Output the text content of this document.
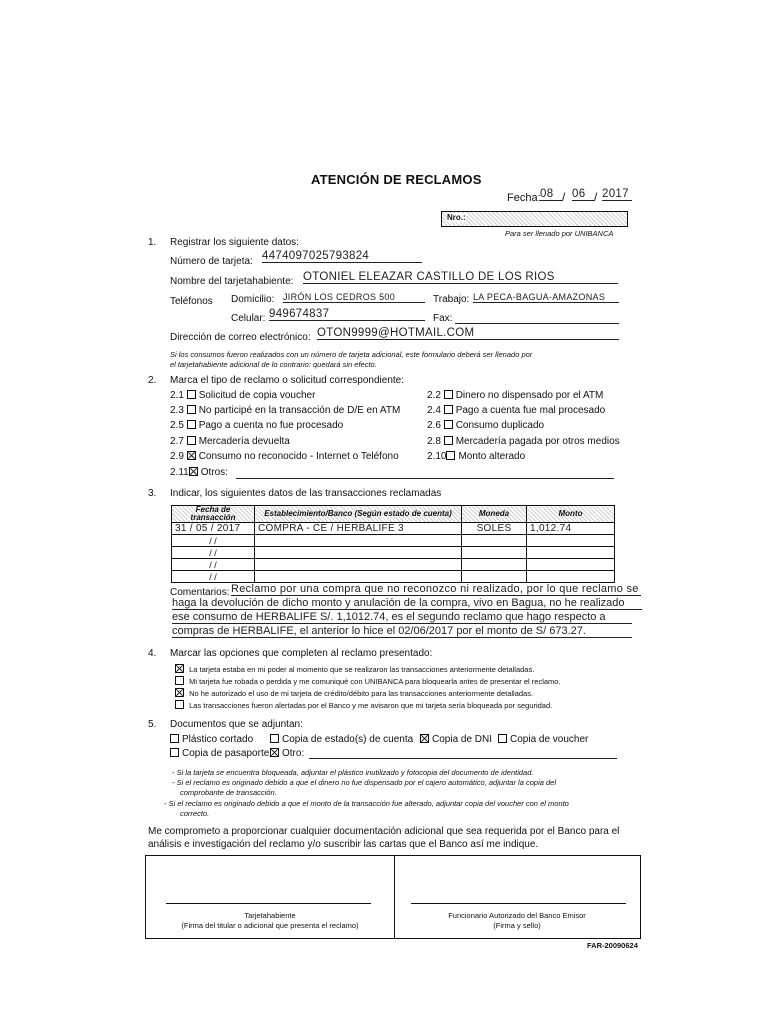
ATENCIÓN DE RECLAMOS
Fecha: 08 / 06 / 2017
Nro.:
Para ser llenado por UNIBANCA
1. Registrar los siguiente datos:
Número de tarjeta: 4474097025793824
Nombre del tarjetahabiente: OTONIEL ELEAZAR CASTILLO DE LOS RIOS
Teléfonos Domicilio: JIRÓN LOS CEDROS 500	Trabajo: LA PECA-BAGUA-AMAZONAS
Celular: 949674837	Fax:
Dirección de correo electrónico: OTON9999@HOTMAIL.COM
Si los consumos fueron realizados con un número de tarjeta adicional, este formulario deberá ser llenado por
el tarjetahabiente adicional de lo contrario: quedará sin efecto.
2. Marca el tipo de reclamo o solicitud correspondiente:
2.1 Solicitud de copia voucher	2.2 Dinero no dispensado por el ATM
2.3 No participé en la transacción de D/E en ATM	2.4 Pago a cuenta fue mal procesado
2.5 Pago a cuenta no fue procesado	2.6 Consumo duplicado
2.7 Mercadería devuelta	2.8 Mercadería pagada por otros medios
2.9 Consumo no reconocido - Internet o Teléfono	2.10 Monto alterado
2.11 Otros:
3. Indicar, los siguientes datos de las transacciones reclamadas
Fecha de transacción	Establecimiento/Banco (Según estado de cuenta)	Moneda	Monto
31 / 05 / 2017	COMPRA - CE / HERBALIFE 3	SOLES	1,012.74
/ /			
/ /			
/ /			
/ /			
Comentarios: Reclamo por una compra que no reconozco ni realizado, por lo que reclamo se
haga la devolución de dicho monto y anulación de la compra, vivo en Bagua, no he realizado
ese consumo de HERBALIFE S/. 1,1012.74, es el segundo reclamo que hago respecto a
compras de HERBALIFE, el anterior lo hice el 02/06/2017 por el monto de S/ 673.27.
4. Marcar las opciones que completen al reclamo presentado:
La tarjeta estaba en mi poder al momento que se realizaron las transacciones anteriormente detalladas.
Mi tarjeta fue robada o perdida y me comuniqué con UNIBANCA para bloquearla antes de presentar el reclamo.
No he autorizado el uso de mi tarjeta de crédito/débito para las transacciones anteriormente detalladas.
Las transacciones fueron alertadas por el Banco y me avisaron que mi tarjeta sería bloqueada por seguridad.
5. Documentos que se adjuntan:
Plástico cortado	Copia de estado(s) de cuenta	Copia de DNI	Copia de voucher
Copia de pasaporte	Otro:
- Si la tarjeta se encuentra bloqueada, adjuntar el plástico inutilizado y fotocopia del documento de identidad.
- Si el reclamo es originado debido a que el dinero no fue dispensado por el cajero automático, adjuntar la copia del
comprobante de transacción.
- Si el reclamo es originado debido a que el monto de la transacción fue alterado, adjuntar copia del voucher con el monto
correcto.
Me comprometo a proporcionar cualquier documentación adicional que sea requerida por el Banco para el
análisis e investigación del reclamo y/o suscribir las cartas que el Banco así me indique.
Tarjetahabiente
(Firma del titular o adicional que presenta el reclamo)
Funcionario Autorizado del Banco Emisor
(Firma y sello)
FAR-20090624
